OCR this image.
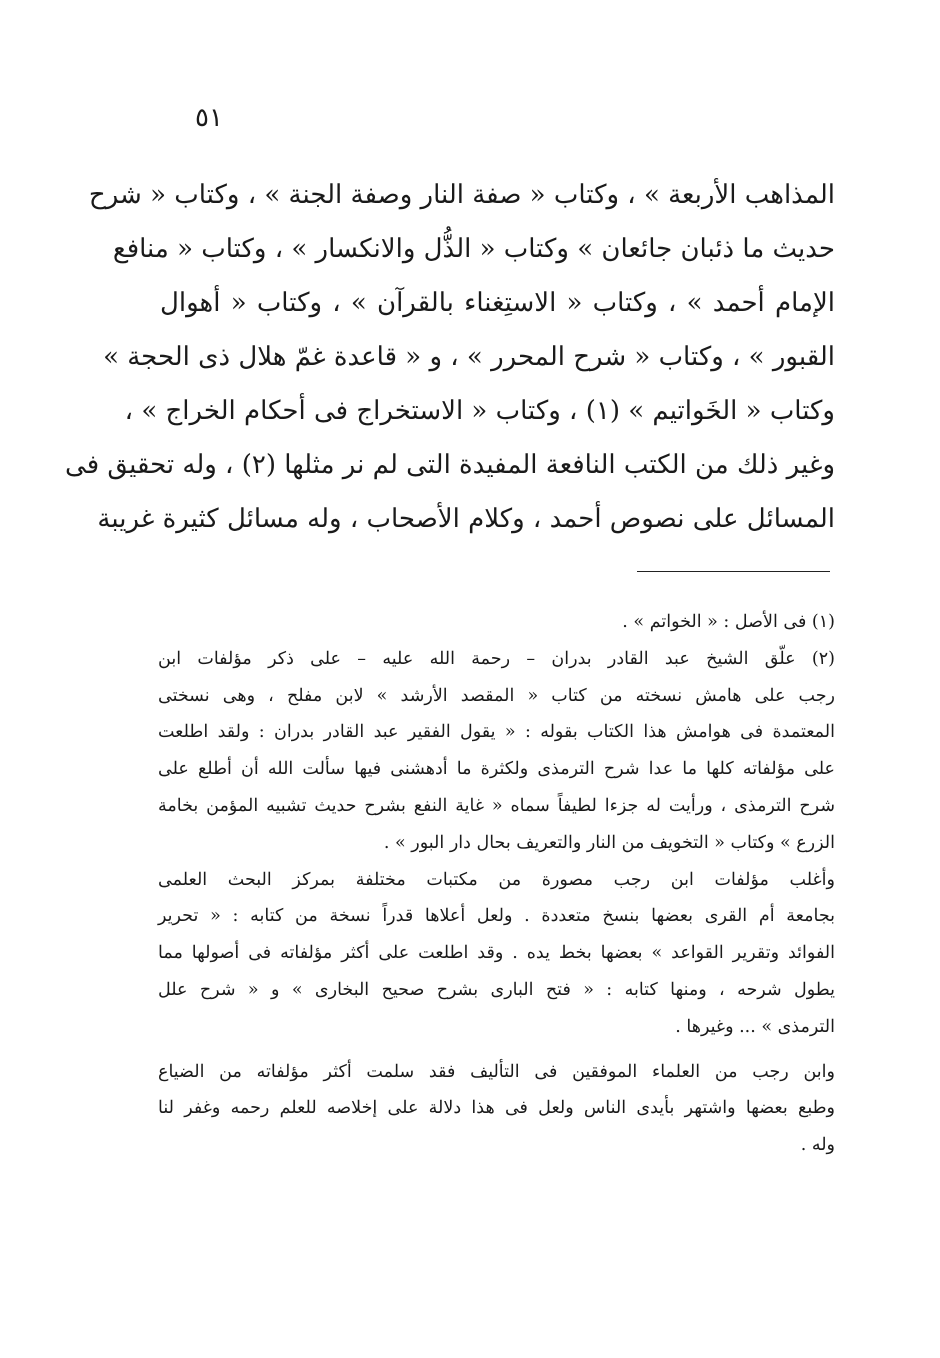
٥١
المذاهب الأربعة » ، وكتاب « صفة النار وصفة الجنة » ، وكتاب « شرح
حديث ما ذئبان جائعان » وكتاب « الذُّل والانكسار » ، وكتاب « منافع
الإمام أحمد » ، وكتاب « الاستِغناء بالقرآن » ، وكتاب « أهوال
القبور » ، وكتاب « شرح المحرر » ، و « قاعدة غمّ هلال ذى الحجة »
وكتاب « الخَواتيم » (١) ، وكتاب « الاستخراج فى أحكام الخراج » ،
وغير ذلك من الكتب النافعة المفيدة التى لم نر مثلها (٢) ، وله تحقيق فى
المسائل على نصوص أحمد ، وكلام الأصحاب ، وله مسائل كثيرة غريبة
(١) فى الأصل : « الخواتم » .
(٢) علّق الشيخ عبد القادر بدران – رحمة الله عليه – على ذكر مؤلفات ابن
رجب على هامش نسخته من كتاب « المقصد الأرشد » لابن مفلح ، وهى نسختى
المعتمدة فى هوامش هذا الكتاب بقوله : « يقول الفقير عبد القادر بدران : ولقد اطلعت
على مؤلفاته كلها ما عدا شرح الترمذى ولكثرة ما أدهشنى فيها سألت الله أن أطلع على
شرح الترمذى ، ورأيت له جزءا لطيفاً سماه « غاية النفع بشرح حديث تشبيه المؤمن بخامة
الزرع » وكتاب « التخويف من النار والتعريف بحال دار البور » .
وأغلب مؤلفات ابن رجب مصورة من مكتبات مختلفة بمركز البحث العلمى
بجامعة أم القرى بعضها بنسخ متعددة . ولعل أعلاها قدراً نسخة من كتابه : « تحرير
الفوائد وتقرير القواعد » بعضها بخط يده . وقد اطلعت على أكثر مؤلفاته فى أصولها مما
يطول شرحه ، ومنها كتابه : « فتح البارى بشرح صحيح البخارى » و « شرح علل
الترمذى » ... وغيرها .
وابن رجب من العلماء الموفقين فى التأليف فقد سلمت أكثر مؤلفاته من الضياع
وطبع بعضها واشتهر بأيدى الناس ولعل فى هذا دلالة على إخلاصه للعلم رحمه وغفر لنا
وله .
